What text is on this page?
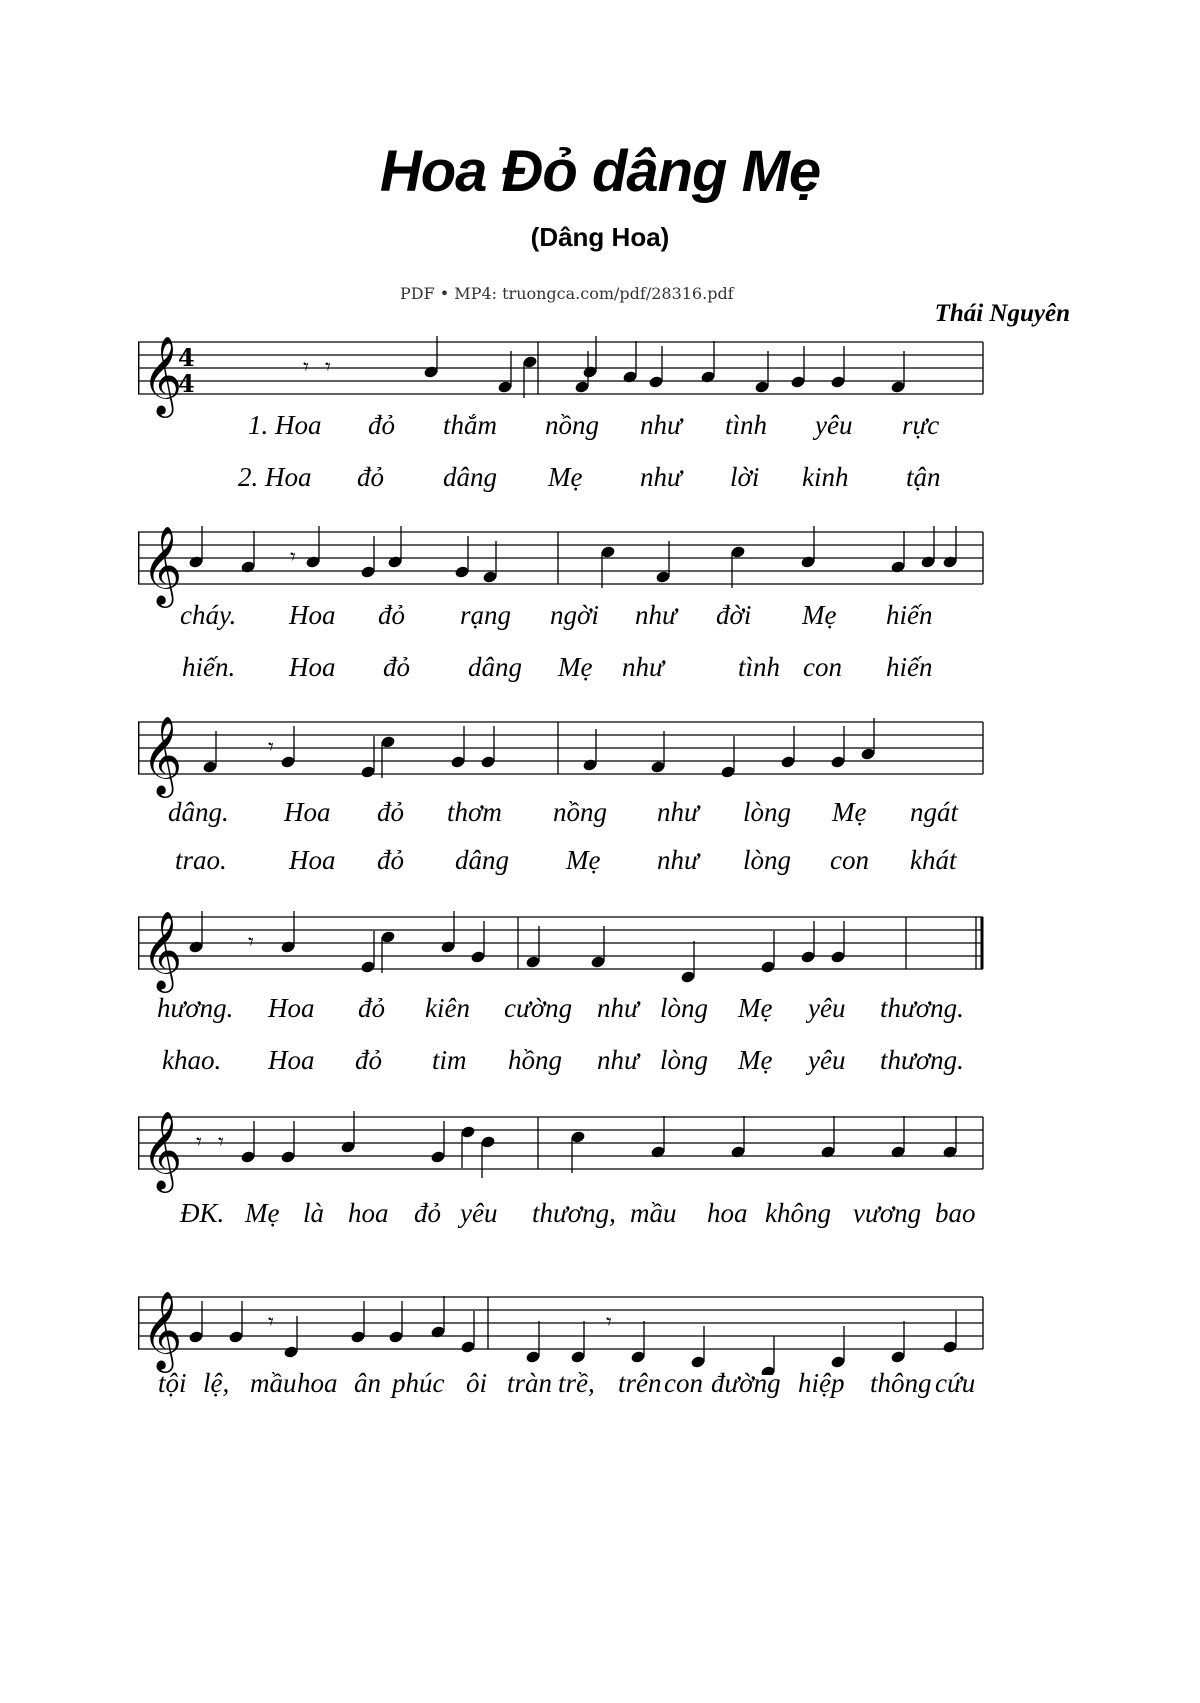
Hoa Đỏ dâng Mẹ
(Dâng Hoa)
PDF • MP4: truongca.com/pdf/28316.pdf
Thái Nguyên
𝄞
4
4
𝄾 𝄾
𝄞	𝄾
𝄞	𝄾
𝄞	𝄾
𝄞 𝄾 𝄾
𝄞	𝄾	𝄾
1. Hoa đỏ thắm nồng như tình yêu rực
2. Hoa đỏ dâng Mẹ như lời kinh tận
cháy. Hoa đỏ rạng ngời như đời Mẹ hiến
hiến. Hoa đỏ dâng Mẹ như	tình con hiến
dâng. Hoa đỏ thơm nồng như lòng Mẹ ngát
trao. Hoa đỏ dâng Mẹ như lòng con khát
hương. Hoa đỏ kiên cường như lòng Mẹ yêu thương.
khao. Hoa đỏ tim hồng như lòng Mẹ yêu thương.
ĐK. Mẹ là hoa đỏ yêu thương, mầu hoa không vương bao
tội lệ, mầu hoa ân phúc ôi tràn trề, trên con đường hiệp thông cứu
